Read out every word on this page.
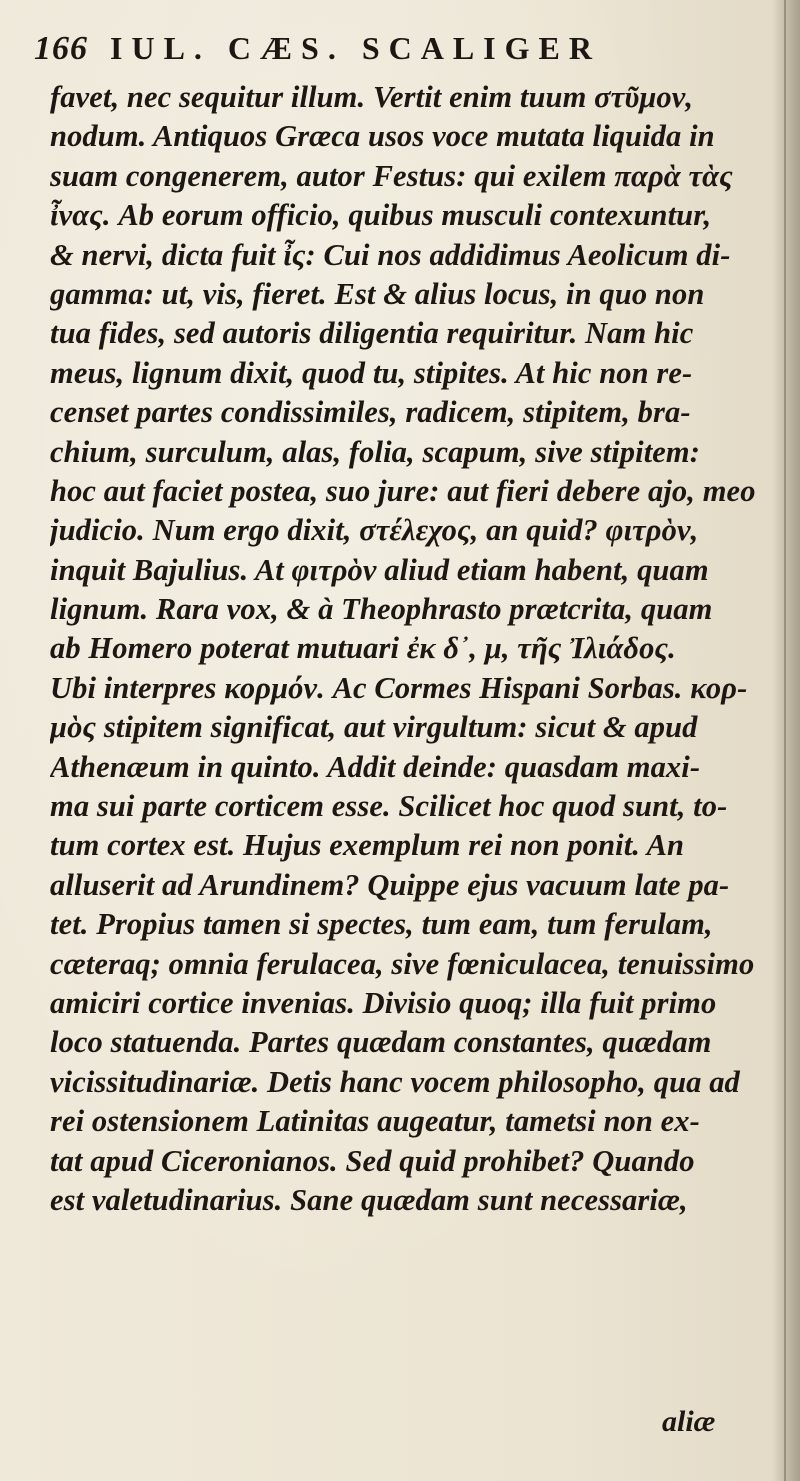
166 IUL. CÆS. SCALIGER
favet, nec sequitur illum. Vertit enim tuum στῦμον,
nodum. Antiquos Græca usos voce mutata liquida in
suam congenerem, autor Festus: qui exilem παρὰ τὰς
ἶνας. Ab eorum officio, quibus musculi contexuntur,
& nervi, dicta fuit ἶς: Cui nos addidimus Aeolicum di-
gamma: ut, vis, fieret. Est & alius locus, in quo non
tua fides, sed autoris diligentia requiritur. Nam hic
meus, lignum dixit, quod tu, stipites. At hic non re-
censet partes condissimiles, radicem, stipitem, bra-
chium, surculum, alas, folia, scapum, sive stipitem:
hoc aut faciet postea, suo jure: aut fieri debere ajo, meo
judicio. Num ergo dixit, στέλεχος, an quid? φιτρὸν,
inquit Bajulius. At φιτρὸν aliud etiam habent, quam
lignum. Rara vox, & à Theophrasto prætcrita, quam
ab Homero poterat mutuari ἐκ δ᾽, μ, τῆς Ἰλιάδος.
Ubi interpres κορμόν. Ac Cormes Hispani Sorbas. κορ-
μὸς stipitem significat, aut virgultum: sicut & apud
Athenæum in quinto. Addit deinde: quasdam maxi-
ma sui parte corticem esse. Scilicet hoc quod sunt, to-
tum cortex est. Hujus exemplum rei non ponit. An
alluserit ad Arundinem? Quippe ejus vacuum late pa-
tet. Propius tamen si spectes, tum eam, tum ferulam,
cæteraq; omnia ferulacea, sive fœniculacea, tenuissimo
amiciri cortice invenias. Divisio quoq; illa fuit primo
loco statuenda. Partes quædam constantes, quædam
vicissitudinariæ. Detis hanc vocem philosopho, qua ad
rei ostensionem Latinitas augeatur, tametsi non ex-
tat apud Ciceronianos. Sed quid prohibet? Quando
est valetudinarius. Sane quædam sunt necessariæ,
aliæ
